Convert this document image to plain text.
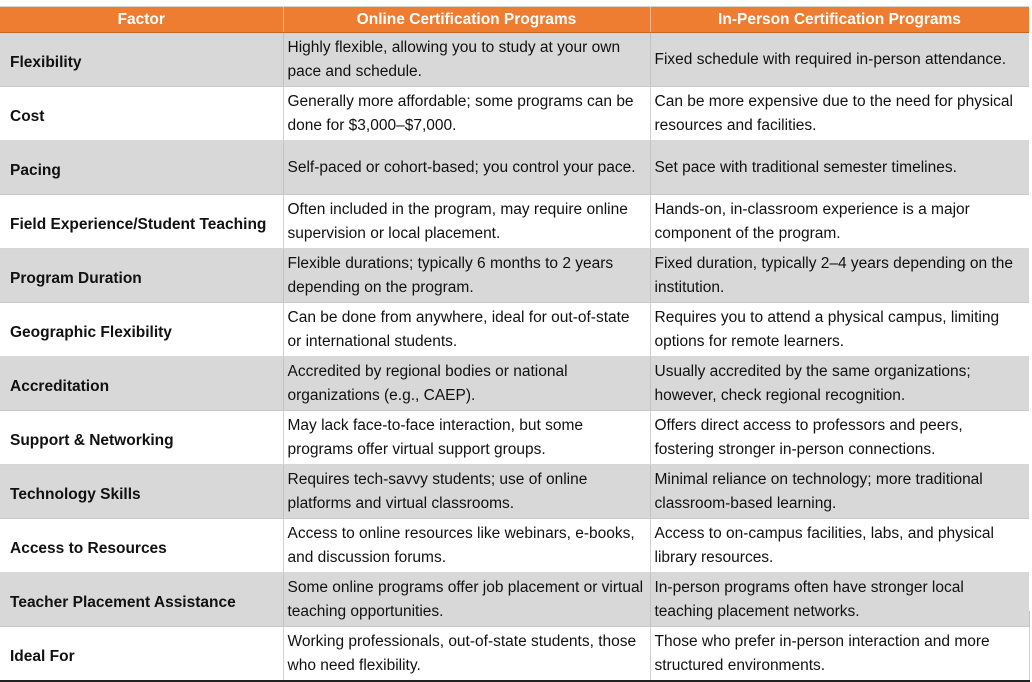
Factor	Online Certification Programs	In-Person Certification Programs
Flexibility	Highly flexible, allowing you to study at your own pace and schedule.	Fixed schedule with required in-person attendance.
Cost	Generally more affordable; some programs can be done for $3,000–$7,000.	Can be more expensive due to the need for physical resources and facilities.
Pacing	Self-paced or cohort-based; you control your pace.	Set pace with traditional semester timelines.
Field Experience/Student Teaching	Often included in the program, may require online supervision or local placement.	Hands-on, in-classroom experience is a major component of the program.
Program Duration	Flexible durations; typically 6 months to 2 years depending on the program.	Fixed duration, typically 2–4 years depending on the institution.
Geographic Flexibility	Can be done from anywhere, ideal for out-of-state or international students.	Requires you to attend a physical campus, limiting options for remote learners.
Accreditation	Accredited by regional bodies or national organizations (e.g., CAEP).	Usually accredited by the same organizations; however, check regional recognition.
Support & Networking	May lack face-to-face interaction, but some programs offer virtual support groups.	Offers direct access to professors and peers, fostering stronger in-person connections.
Technology Skills	Requires tech-savvy students; use of online platforms and virtual classrooms.	Minimal reliance on technology; more traditional classroom-based learning.
Access to Resources	Access to online resources like webinars, e-books, and discussion forums.	Access to on-campus facilities, labs, and physical library resources.
Teacher Placement Assistance	Some online programs offer job placement or virtual teaching opportunities.	In-person programs often have stronger local teaching placement networks.
Ideal For	Working professionals, out-of-state students, those who need flexibility.	Those who prefer in-person interaction and more structured environments.
